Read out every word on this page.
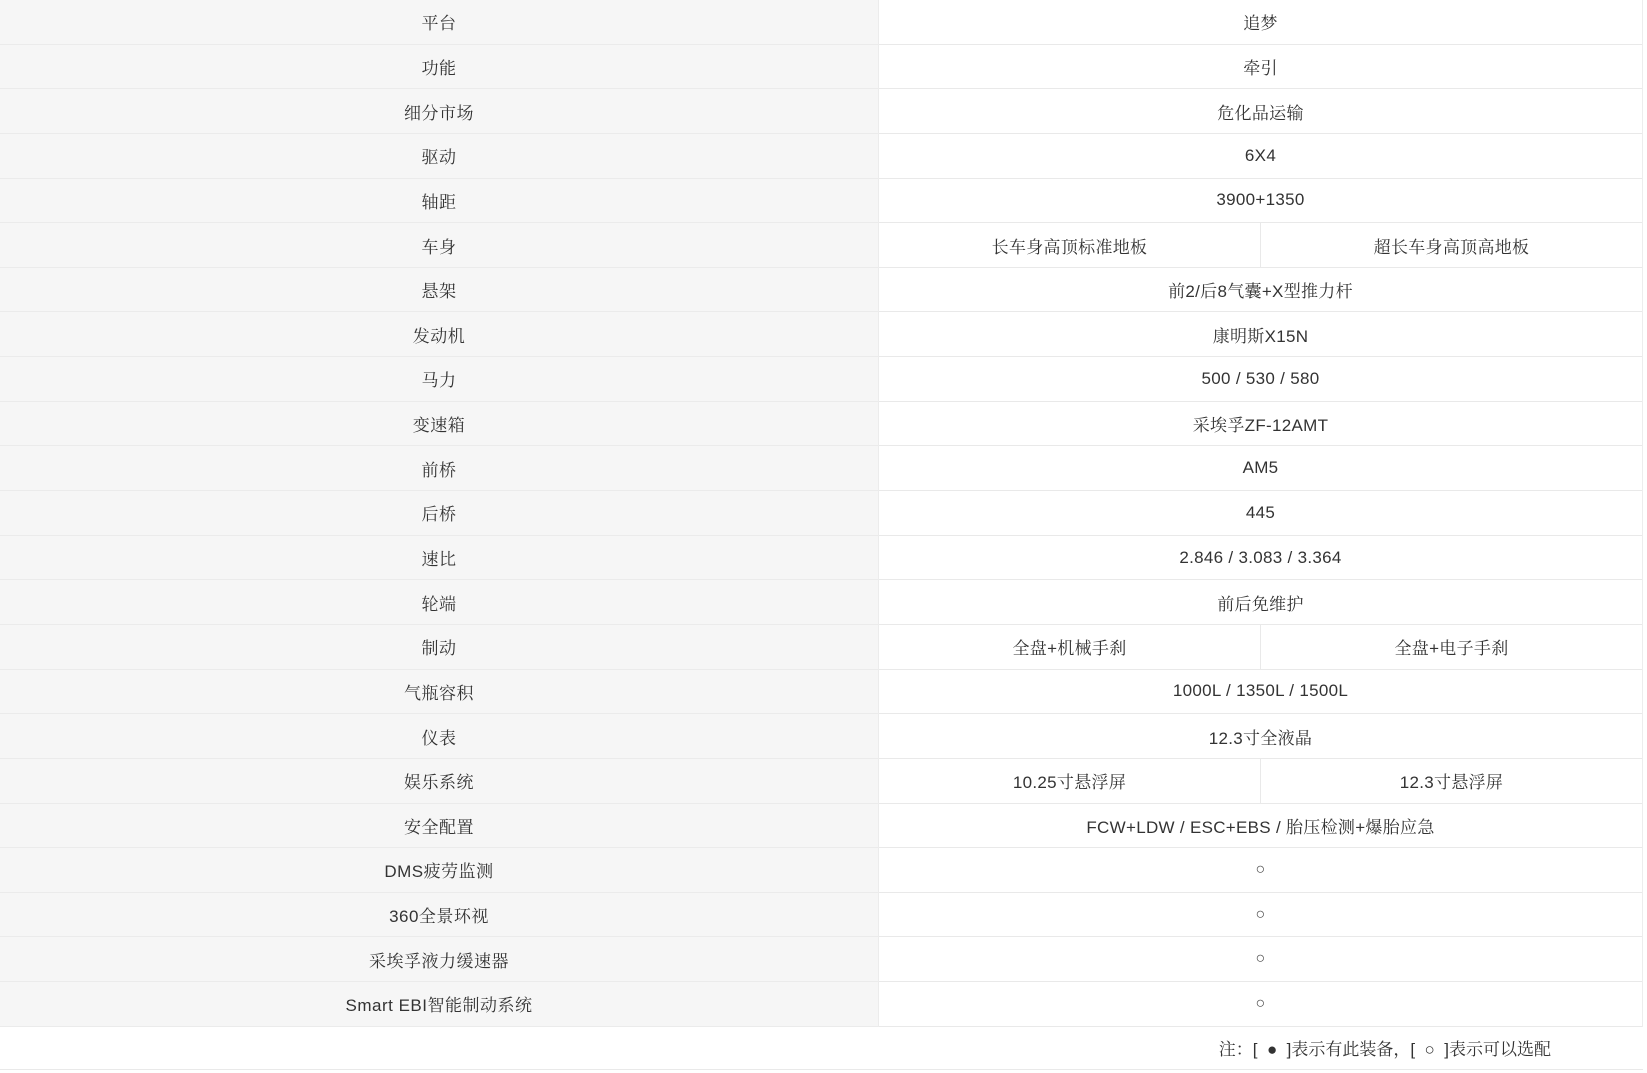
平台	追梦
功能	牵引
细分市场	危化品运输
驱动	6X4
轴距	3900+1350
车身	长车身高顶标准地板	超长车身高顶高地板
悬架	前2/后8气囊+X型推力杆
发动机	康明斯X15N
马力	500 / 530 / 580
变速箱	采埃孚ZF-12AMT
前桥	AM5
后桥	445
速比	2.846 / 3.083 / 3.364
轮端	前后免维护
制动	全盘+机械手刹	全盘+电子手刹
气瓶容积	1000L / 1350L / 1500L
仪表	12.3寸全液晶
娱乐系统	10.25寸悬浮屏	12.3寸悬浮屏
安全配置	FCW+LDW / ESC+EBS / 胎压检测+爆胎应急
DMS疲劳监测	○
360全景环视	○
采埃孚液力缓速器	○
Smart EBI智能制动系统	○
注：[  ●  ]表示有此装备，[  ○  ]表示可以选配
